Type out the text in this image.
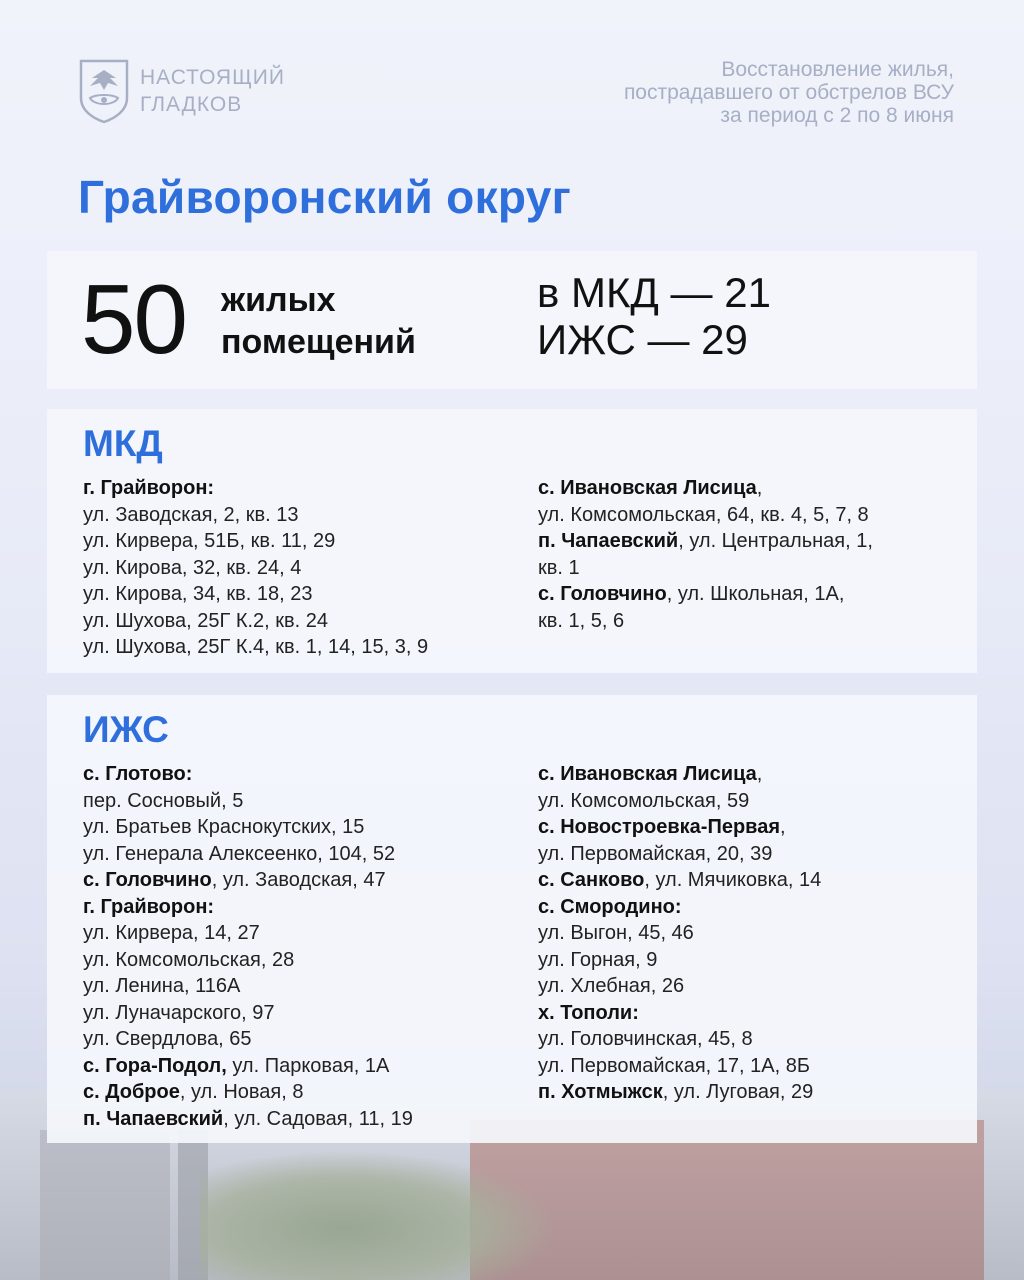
НАСТОЯЩИЙ
ГЛАДКОВ
Восстановление жилья,
пострадавшего от обстрелов ВСУ
за период с 2 по 8 июня
Грайворонский округ
50 жилых
помещений
в МКД — 21
ИЖС — 29
МКД
г. Грайворон:
ул. Заводская, 2, кв. 13
ул. Кирвера, 51Б, кв. 11, 29
ул. Кирова, 32, кв. 24, 4
ул. Кирова, 34, кв. 18, 23
ул. Шухова, 25Г К.2, кв. 24
ул. Шухова, 25Г К.4, кв. 1, 14, 15, 3, 9
с. Ивановская Лисица,
ул. Комсомольская, 64, кв. 4, 5, 7, 8
п. Чапаевский, ул. Центральная, 1,
кв. 1
с. Головчино, ул. Школьная, 1А,
кв. 1, 5, 6
ИЖС
с. Глотово:
пер. Сосновый, 5
ул. Братьев Краснокутских, 15
ул. Генерала Алексеенко, 104, 52
с. Головчино, ул. Заводская, 47
г. Грайворон:
ул. Кирвера, 14, 27
ул. Комсомольская, 28
ул. Ленина, 116А
ул. Луначарского, 97
ул. Свердлова, 65
с. Гора-Подол, ул. Парковая, 1А
с. Доброе, ул. Новая, 8
п. Чапаевский, ул. Садовая, 11, 19
с. Ивановская Лисица,
ул. Комсомольская, 59
с. Новостроевка-Первая,
ул. Первомайская, 20, 39
с. Санково, ул. Мячиковка, 14
с. Смородино:
ул. Выгон, 45, 46
ул. Горная, 9
ул. Хлебная, 26
х. Тополи:
ул. Головчинская, 45, 8
ул. Первомайская, 17, 1А, 8Б
п. Хотмыжск, ул. Луговая, 29
